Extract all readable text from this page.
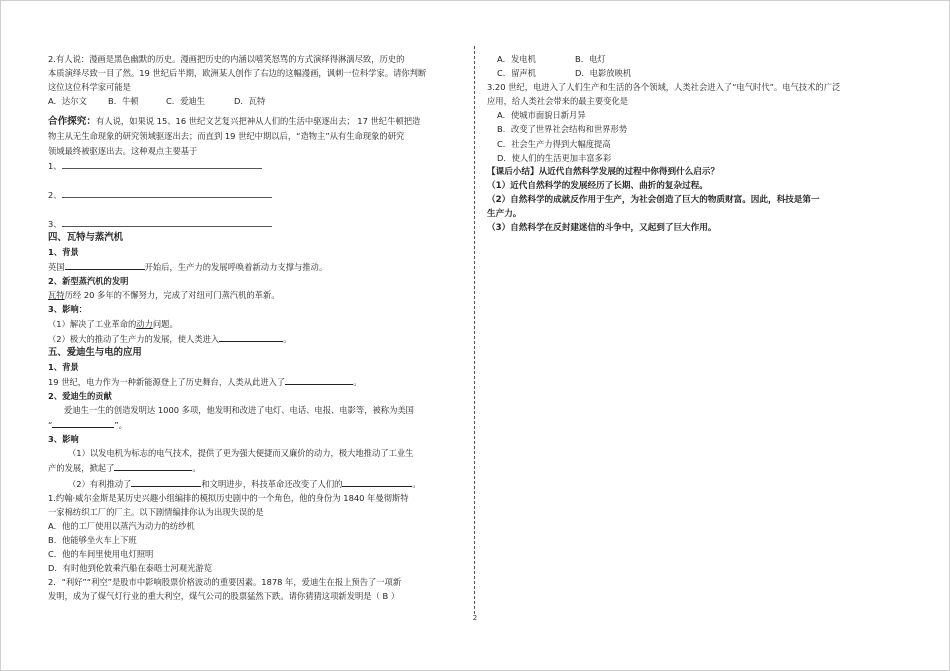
2.有人说：漫画是黑色幽默的历史。漫画把历史的内涵以嘻笑怒骂的方式演绎得淋漓尽致，历史的

本质演绎尽致一目了然。19 世纪后半期，欧洲某人创作了右边的这幅漫画，讽刺一位科学家。请你判断

这位这位科学家可能是

A．达尔文	B．牛顿	C．爱迪生	D．瓦特

合作探究：有人说，如果说 15、16 世纪文艺复兴把神从人们的生活中驱逐出去； 17 世纪牛顿把造

物主从无生命现象的研究领域驱逐出去；而直到 19 世纪中期以后，“造物主”从有生命现象的研究

领域最终被驱逐出去。这种观点主要基于

1、

2、

3、

四、瓦特与蒸汽机

1、背景

英国	开始后，生产力的发展呼唤着新动力支撑与推动。

2、新型蒸汽机的发明

瓦特历经 20 多年的不懈努力，完成了对纽可门蒸汽机的革新。

3、影响：

（1）解决了工业革命的动力问题。

（2）极大的推动了生产力的发展，使人类进入	。

五、爱迪生与电的应用

1、背景

19 世纪，电力作为一种新能源登上了历史舞台，人类从此进入了	。

2、爱迪生的贡献

爱迪生一生的创造发明达 1000 多项，他发明和改进了电灯、电话、电报、电影等，被称为美国

“	”。

3、影响

（1）以发电机为标志的电气技术，提供了更为强大便捷而又廉价的动力，极大地推动了工业生

产的发展，掀起了	。

（2）有利推动了	和文明进步，科技革命还改变了人们的	。

1.约翰·威尔金斯是某历史兴趣小组编排的模拟历史剧中的一个角色，他的身份为 1840 年曼彻斯特

一家棉纺织工厂的厂主。以下剧情编排你认为出现失误的是

A．他的工厂使用以蒸汽为动力的纺纱机

B．他能够坐火车上下班

C．他的车间里使用电灯照明

D．有时他到伦敦乘汽船在泰晤士河观光游览

2．“利好”“利空”是股市中影响股票价格波动的重要因素。1878 年，爱迪生在报上预告了一项新

发明，成为了煤气灯行业的重大利空，煤气公司的股票猛然下跌。请你猜猜这项新发明是（ B ）

A．发电机	B．电灯

C．留声机	D．电影放映机

3.20 世纪，电进入了人们生产和生活的各个领域，人类社会进入了“电气时代”。电气技术的广泛

应用，给人类社会带来的最主要变化是

A．使城市面貌日新月异

B．改变了世界社会结构和世界形势

C．社会生产力得到大幅度提高

D．使人们的生活更加丰富多彩

【课后小结】从近代自然科学发展的过程中你得到什么启示？

（1）近代自然科学的发展经历了长期、曲折的复杂过程。

（2）自然科学的成就反作用于生产，为社会创造了巨大的物质财富。因此，科技是第一

生产力。

（3）自然科学在反封建迷信的斗争中，又起到了巨大作用。

2
